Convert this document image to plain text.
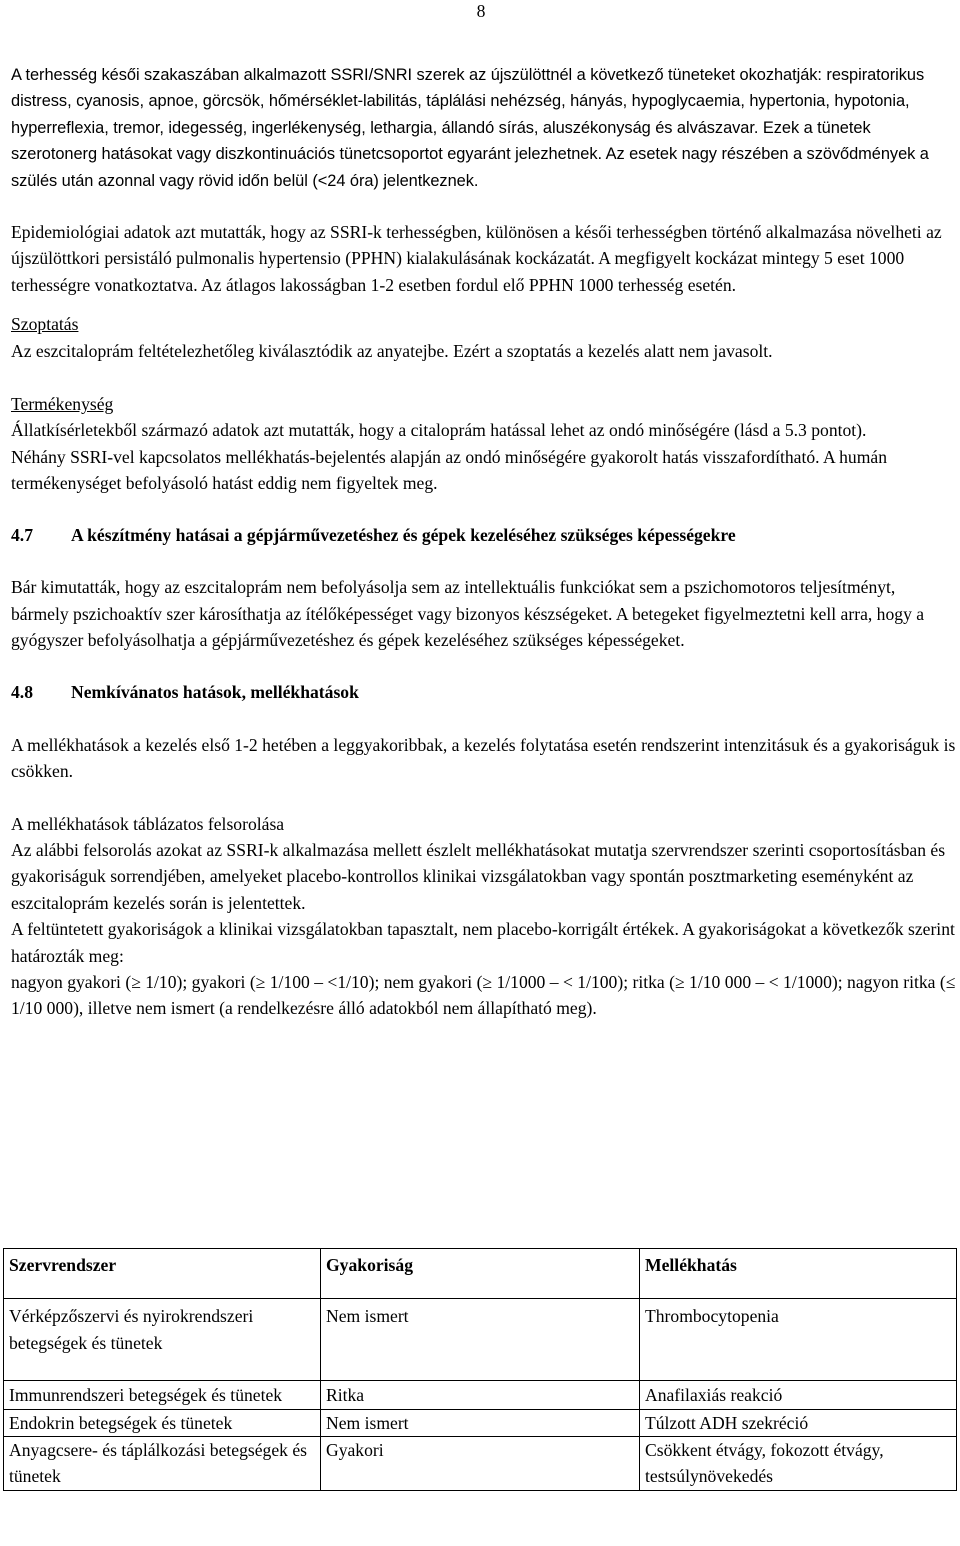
8

A terhesség késői szakaszában alkalmazott SSRI/SNRI szerek az újszülöttnél a következő tüneteket okozhatják: respiratorikus distress, cyanosis, apnoe, görcsök, hőmérséklet-labilitás, táplálási nehézség, hányás, hypoglycaemia, hypertonia, hypotonia, hyperreflexia, tremor, idegesség, ingerlékenység, lethargia, állandó sírás, aluszékonyság és alvászavar. Ezek a tünetek szerotonerg hatásokat vagy diszkontinuációs tünetcsoportot egyaránt jelezhetnek. Az esetek nagy részében a szövődmények a szülés után azonnal vagy rövid időn belül (<24 óra) jelentkeznek.

Epidemiológiai adatok azt mutatták, hogy az SSRI-k terhességben, különösen a késői terhességben történő alkalmazása növelheti az újszülöttkori persistáló pulmonalis hypertensio (PPHN) kialakulásának kockázatát. A megfigyelt kockázat mintegy 5 eset 1000 terhességre vonatkoztatva. Az átlagos lakosságban 1-2 esetben fordul elő PPHN 1000 terhesség esetén.

Szoptatás

Az eszcitaloprám feltételezhetőleg kiválasztódik az anyatejbe. Ezért a szoptatás a kezelés alatt nem javasolt.

Termékenység

Állatkísérletekből származó adatok azt mutatták, hogy a citaloprám hatással lehet az ondó minőségére (lásd a 5.3 pontot).

Néhány SSRI-vel kapcsolatos mellékhatás-bejelentés alapján az ondó minőségére gyakorolt hatás visszafordítható. A humán termékenységet befolyásoló hatást eddig nem figyeltek meg.

4.7	A készítmény hatásai a gépjárművezetéshez és gépek kezeléséhez szükséges képességekre

Bár kimutatták, hogy az eszcitaloprám nem befolyásolja sem az intellektuális funkciókat sem a pszichomotoros teljesítményt, bármely pszichoaktív szer károsíthatja az ítélőképességet vagy bizonyos készségeket. A betegeket figyelmeztetni kell arra, hogy a gyógyszer befolyásolhatja a gépjárművezetéshez és gépek kezeléséhez szükséges képességeket.

4.8	Nemkívánatos hatások, mellékhatások

A mellékhatások a kezelés első 1-2 hetében a leggyakoribbak, a kezelés folytatása esetén rendszerint intenzitásuk és a gyakoriságuk is csökken.

A mellékhatások táblázatos felsorolása

Az alábbi felsorolás azokat az SSRI-k alkalmazása mellett észlelt mellékhatásokat mutatja szervrendszer szerinti csoportosításban és gyakoriságuk sorrendjében, amelyeket placebo-kontrollos klinikai vizsgálatokban vagy spontán posztmarketing eseményként az eszcitaloprám kezelés során is jelentettek.

A feltüntetett gyakoriságok a klinikai vizsgálatokban tapasztalt, nem placebo-korrigált értékek. A gyakoriságokat a következők szerint határozták meg:

nagyon gyakori (≥ 1/10); gyakori (≥ 1/100 – <1/10); nem gyakori (≥ 1/1000 – < 1/100); ritka (≥ 1/10 000 – < 1/1000); nagyon ritka (≤ 1/10 000), illetve nem ismert (a rendelkezésre álló adatokból nem állapítható meg).

Szervrendszer	Gyakoriság	Mellékhatás
Vérképzőszervi és nyirokrendszeri betegségek és tünetek	Nem ismert	Thrombocytopenia
Immunrendszeri betegségek és tünetek	Ritka	Anafilaxiás reakció
Endokrin betegségek és tünetek	Nem ismert	Túlzott ADH szekréció
Anyagcsere- és táplálkozási betegségek és tünetek	Gyakori	Csökkent étvágy, fokozott étvágy, testsúlynövekedés
